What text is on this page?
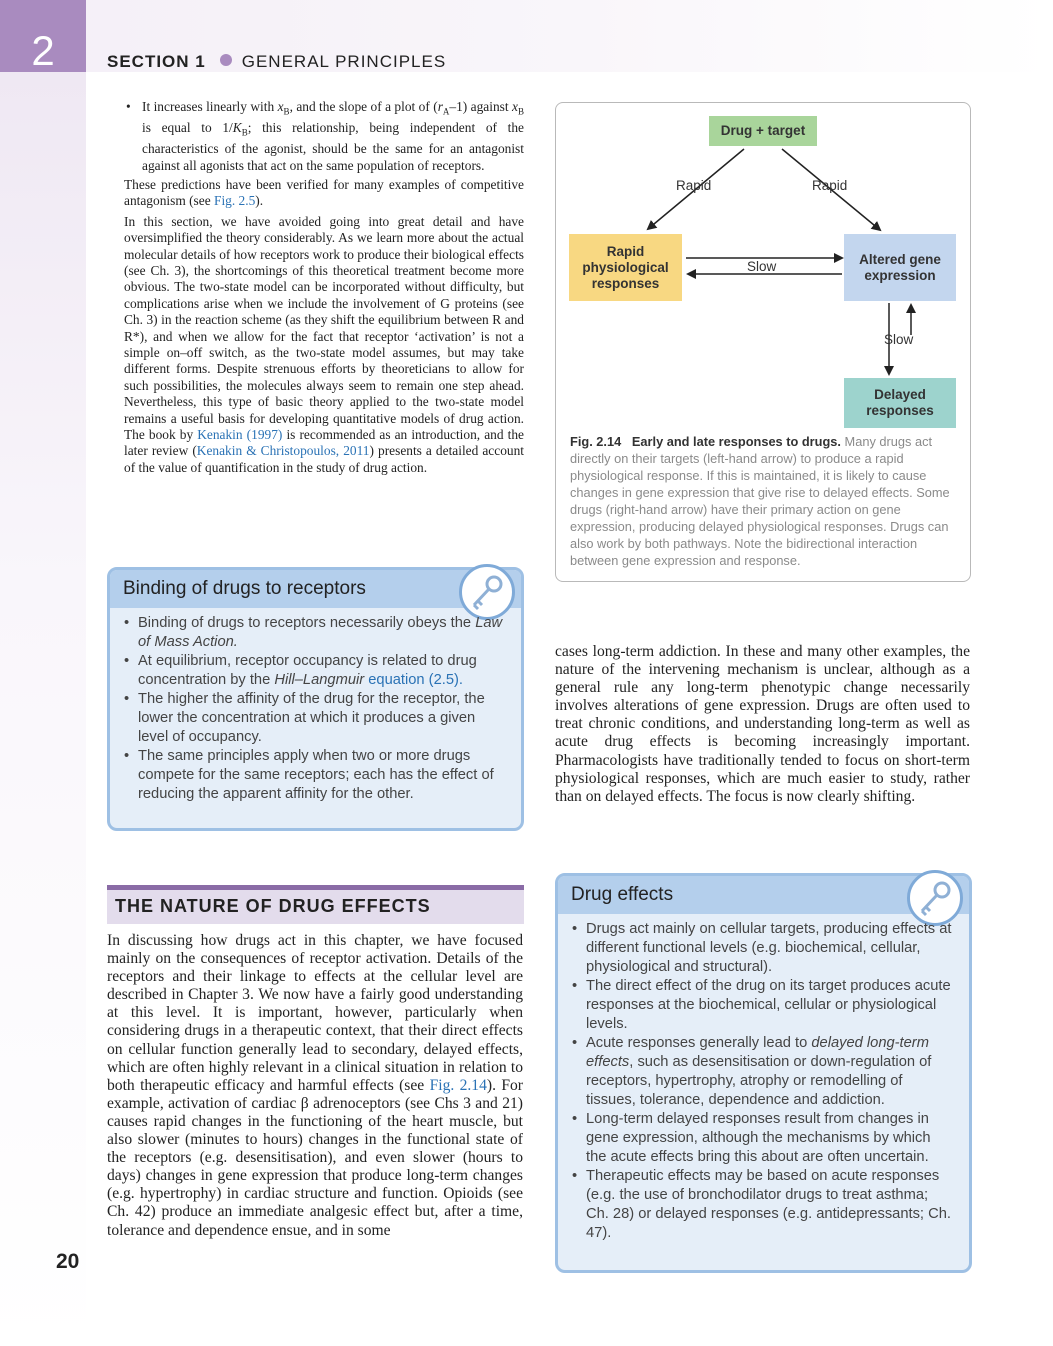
2	SECTION 1 GENERAL PRINCIPLES
• It increases linearly with $x_B$, and the slope of a plot of $(r_A-1)$ against $x_B$ is equal to $1/K_B$; this relationship, being independent of the characteristics of the agonist, should be the same for an antagonist against all agonists that act on the same population of receptors.

These predictions have been verified for many examples of competitive antagonism (see Fig. 2.5).

In this section, we have avoided going into great detail and have oversimplified the theory considerably. As we learn more about the actual molecular details of how receptors work to produce their biological effects (see Ch. 3), the shortcomings of this theoretical treatment become more obvious. The two-state model can be incorporated without difficulty, but complications arise when we include the involvement of G proteins (see Ch. 3) in the reaction scheme (as they shift the equilibrium between R and R*), and when we allow for the fact that receptor ‘activation’ is not a simple on–off switch, as the two-state model assumes, but may take different forms. Despite strenuous efforts by theoreticians to allow for such possibilities, the molecules always seem to remain one step ahead. Nevertheless, this type of basic theory applied to the two-state model remains a useful basis for developing quantitative models of drug action. The book by Kenakin (1997) is recommended as an introduction, and the later review (Kenakin & Christopoulos, 2011) presents a detailed account of the value of quantification in the study of drug action.

Drug + target
Rapid physiological responses
Altered gene expression
Delayed responses
Rapid	Rapid
Slow
Slow
Fig. 2.14 Early and late responses to drugs. Many drugs act directly on their targets (left-hand arrow) to produce a rapid physiological response. If this is maintained, it is likely to cause changes in gene expression that give rise to delayed effects. Some drugs (right-hand arrow) have their primary action on gene expression, producing delayed physiological responses. Drugs can also work by both pathways. Note the bidirectional interaction between gene expression and response.
Binding of drugs to receptors
• Binding of drugs to receptors necessarily obeys the Law of Mass Action.
• At equilibrium, receptor occupancy is related to drug concentration by the Hill–Langmuir equation (2.5).
• The higher the affinity of the drug for the receptor, the lower the concentration at which it produces a given level of occupancy.
• The same principles apply when two or more drugs compete for the same receptors; each has the effect of reducing the apparent affinity for the other.

cases long-term addiction. In these and many other examples, the nature of the intervening mechanism is unclear, although as a general rule any long-term phenotypic change necessarily involves alterations of gene expression. Drugs are often used to treat chronic conditions, and understanding long-term as well as acute drug effects is becoming increasingly important. Pharmacologists have traditionally tended to focus on short-term physiological responses, which are much easier to study, rather than on delayed effects. The focus is now clearly shifting.

THE NATURE OF DRUG EFFECTS

In discussing how drugs act in this chapter, we have focused mainly on the consequences of receptor activation. Details of the receptors and their linkage to effects at the cellular level are described in Chapter 3. We now have a fairly good understanding at this level. It is important, however, particularly when considering drugs in a therapeutic context, that their direct effects on cellular function generally lead to secondary, delayed effects, which are often highly relevant in a clinical situation in relation to both therapeutic efficacy and harmful effects (see Fig. 2.14). For example, activation of cardiac β adrenoceptors (see Chs 3 and 21) causes rapid changes in the functioning of the heart muscle, but also slower (minutes to hours) changes in the functional state of the receptors (e.g. desensitisation), and even slower (hours to days) changes in gene expression that produce long-term changes (e.g. hypertrophy) in cardiac structure and function. Opioids (see Ch. 42) produce an immediate analgesic effect but, after a time, tolerance and dependence ensue, and in some

Drug effects
• Drugs act mainly on cellular targets, producing effects at different functional levels (e.g. biochemical, cellular, physiological and structural).
• The direct effect of the drug on its target produces acute responses at the biochemical, cellular or physiological levels.
• Acute responses generally lead to delayed long-term effects, such as desensitisation or down-regulation of receptors, hypertrophy, atrophy or remodelling of tissues, tolerance, dependence and addiction.
• Long-term delayed responses result from changes in gene expression, although the mechanisms by which the acute effects bring this about are often uncertain.
• Therapeutic effects may be based on acute responses (e.g. the use of bronchodilator drugs to treat asthma; Ch. 28) or delayed responses (e.g. antidepressants; Ch. 47).
20
